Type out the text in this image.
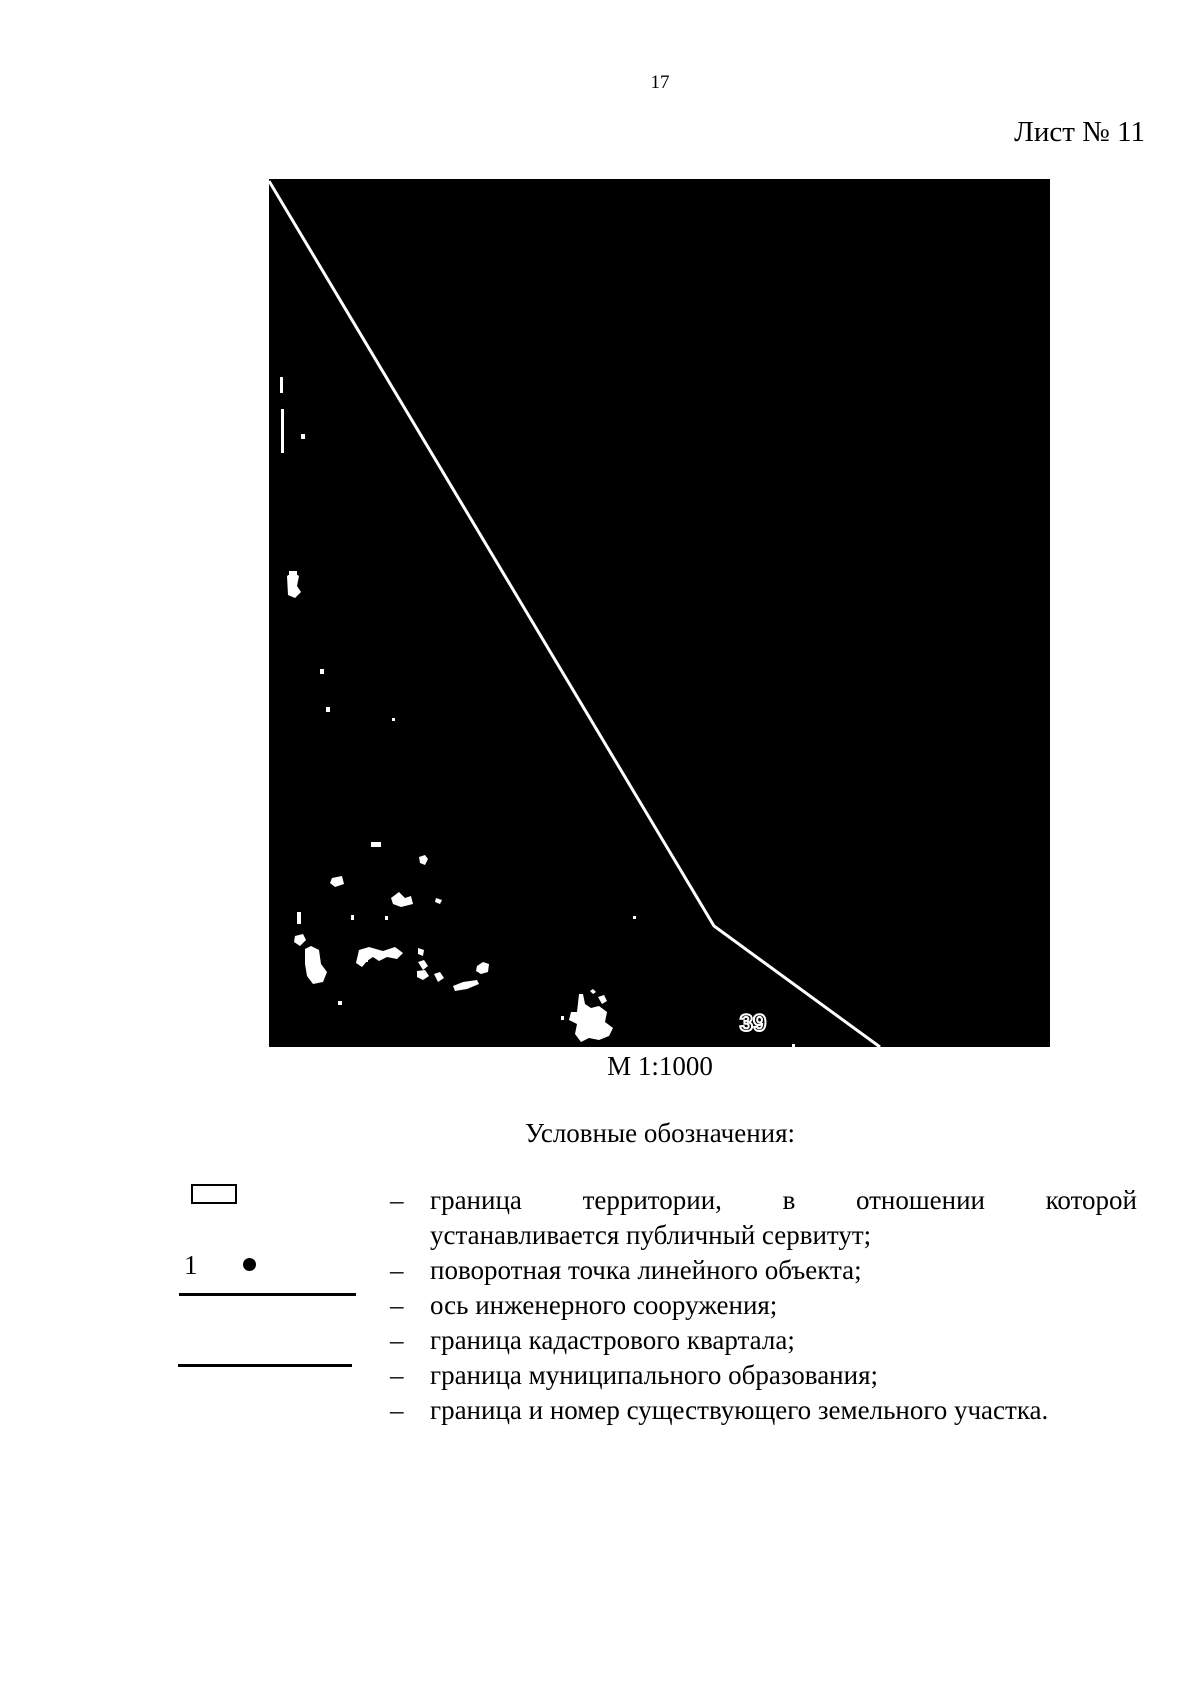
17
Лист № 11
39
М 1:1000
Условные обозначения:
1
– граница территории, в отношении которой
устанавливается публичный сервитут;
– поворотная точка линейного объекта;
– ось инженерного сооружения;
– граница кадастрового квартала;
– граница муниципального образования;
– граница и номер существующего земельного участка.
